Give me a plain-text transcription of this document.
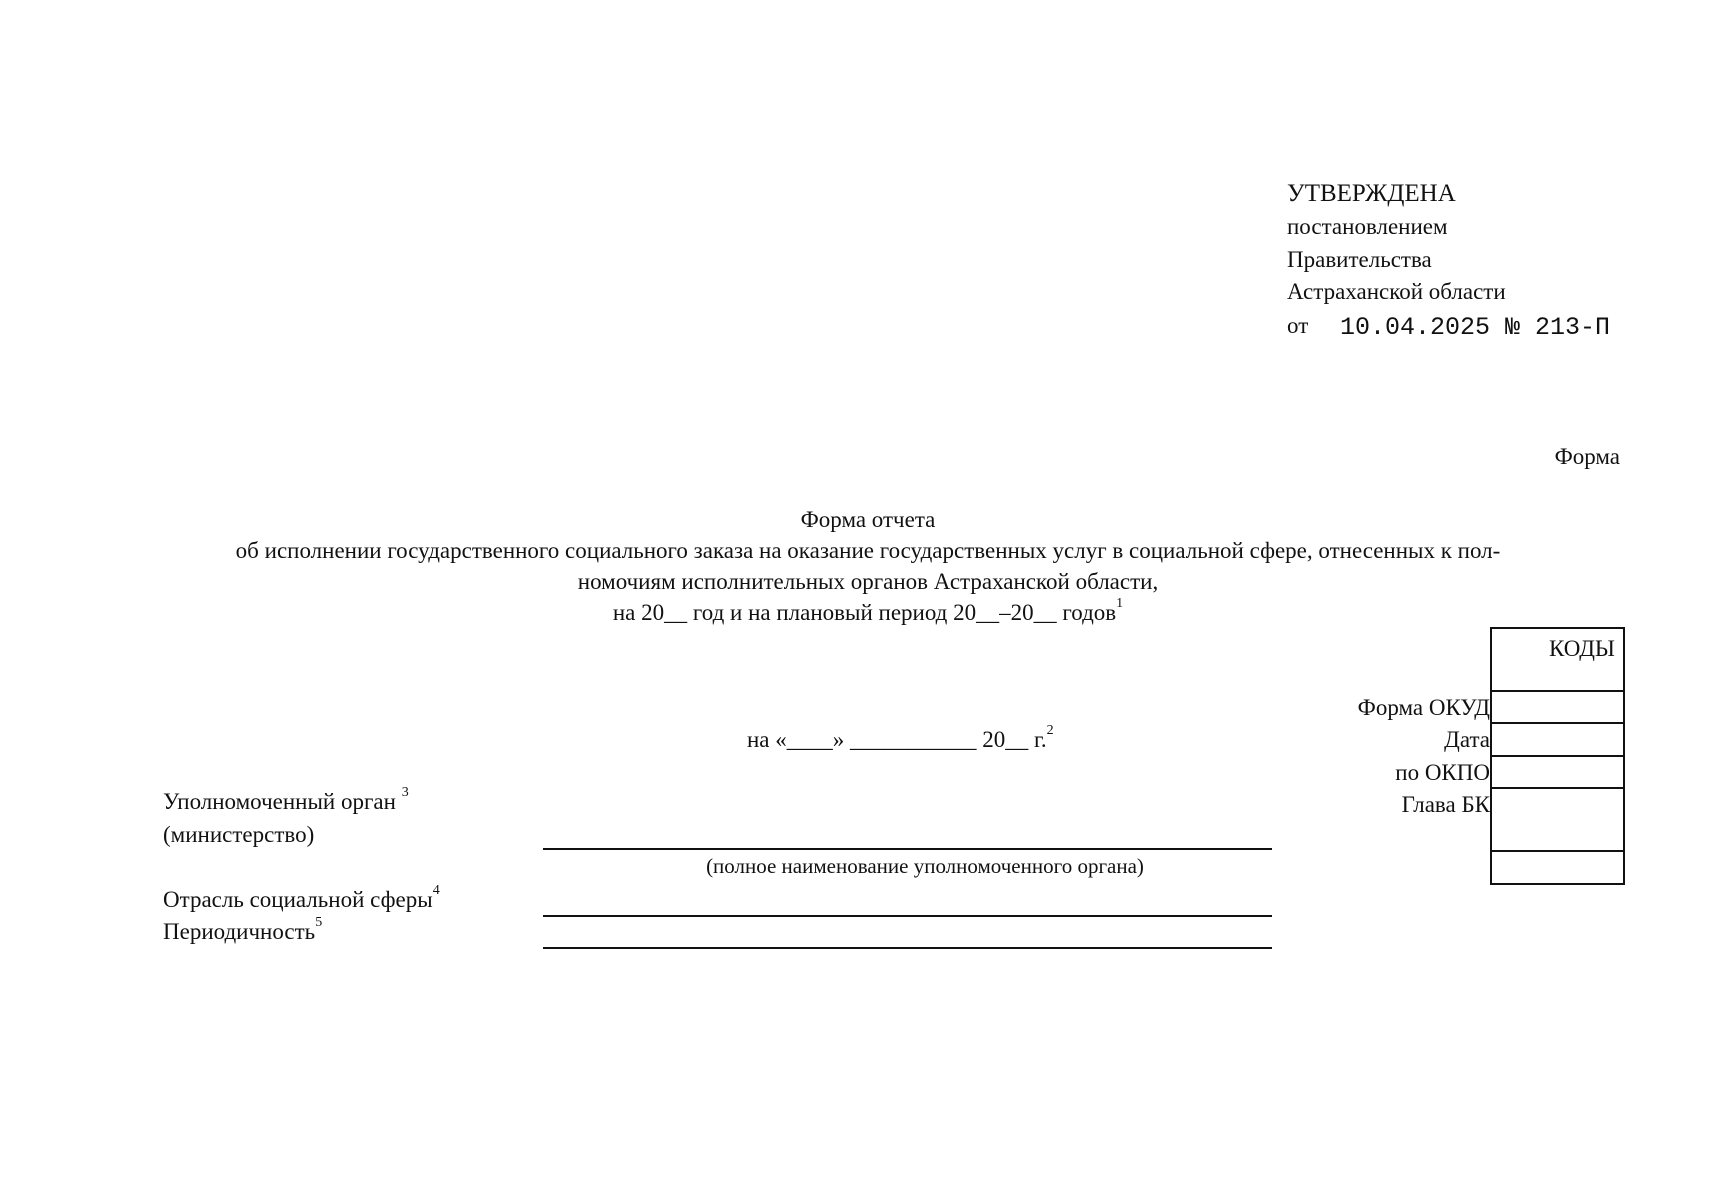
УТВЕРЖДЕНА
постановлением
Правительства
Астраханской области
от 10.04.2025 № 213-П
Форма
Форма отчета
об исполнении государственного социального заказа на оказание государственных услуг в социальной сфере, отнесенных к пол-
номочиям исполнительных органов Астраханской области,
на 20__ год и на плановый период 20__–20__ годов$^1$
на «____» ___________ 20__ г.$^2$
КОДЫ
Форма ОКУД
Дата
по ОКПО
Глава БК
Уполномоченный орган $^3$
(министерство)
(полное наименование уполномоченного органа)
Отрасль социальной сферы$^4$
Периодичность$^5$
